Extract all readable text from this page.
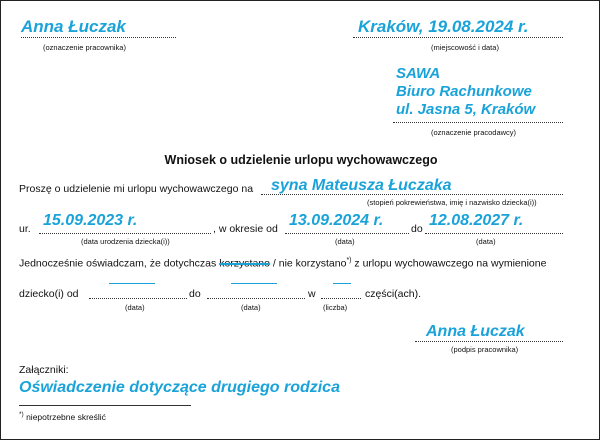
Anna Łuczak
(oznaczenie pracownika)
Kraków, 19.08.2024 r.
(miejscowość i data)
SAWA
Biuro Rachunkowe
ul. Jasna 5, Kraków
(oznaczenie pracodawcy)
Wniosek o udzielenie urlopu wychowawczego
Proszę o udzielenie mi urlopu wychowawczego na syna Mateusza Łuczaka
(stopień pokrewieństwa, imię i nazwisko dziecka(i))
ur. 15.09.2023 r.
(data urodzenia dziecka(i))
, w okresie od 13.09.2024 r.
(data)
do 12.08.2027 r.
(data)
Jednocześnie oświadczam, że dotychczas korzystano / nie korzystano*) z urlopu wychowawczego na wymienione
dziecko(i) od
(data)
do
(data)
w
(liczba)
części(ach).
Anna Łuczak
(podpis pracownika)
Załączniki:
Oświadczenie dotyczące drugiego rodzica
*) niepotrzebne skreślić
